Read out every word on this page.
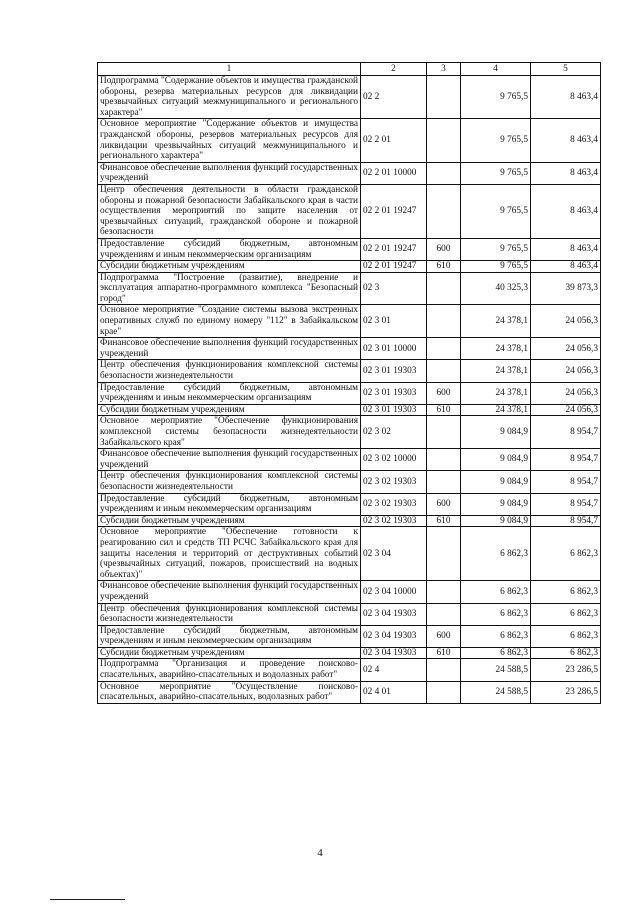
1	2	3	4	5
Подпрограмма "Содержание объектов и имущества гражданской обороны, резерва материальных ресурсов для ликвидации чрезвычайных ситуаций межмуниципального и регионального характера"	02 2		9 765,5	8 463,4
Основное мероприятие "Содержание объектов и имущества гражданской обороны, резервов материальных ресурсов для ликвидации чрезвычайных ситуаций межмуниципального и регионального характера"	02 2 01		9 765,5	8 463,4
Финансовое обеспечение выполнения функций государственных учреждений	02 2 01 10000		9 765,5	8 463,4
Центр обеспечения деятельности в области гражданской обороны и пожарной безопасности Забайкальского края в части осуществления мероприятий по защите населения от чрезвычайных ситуаций, гражданской обороне и пожарной безопасности	02 2 01 19247		9 765,5	8 463,4
Предоставление субсидий бюджетным, автономным учреждениям и иным некоммерческим организациям	02 2 01 19247	600	9 765,5	8 463,4
Субсидии бюджетным учреждениям	02 2 01 19247	610	9 765,5	8 463,4
Подпрограмма "Построение (развитие), внедрение и эксплуатация аппаратно-программного комплекса "Безопасный город"	02 3		40 325,3	39 873,3
Основное мероприятие "Создание системы вызова экстренных оперативных служб по единому номеру "112" в Забайкальском крае"	02 3 01		24 378,1	24 056,3
Финансовое обеспечение выполнения функций государственных учреждений	02 3 01 10000		24 378,1	24 056,3
Центр обеспечения функционирования комплексной системы безопасности жизнедеятельности	02 3 01 19303		24 378,1	24 056,3
Предоставление субсидий бюджетным, автономным учреждениям и иным некоммерческим организациям	02 3 01 19303	600	24 378,1	24 056,3
Субсидии бюджетным учреждениям	02 3 01 19303	610	24 378,1	24 056,3
Основное мероприятие "Обеспечение функционирования комплексной системы безопасности жизнедеятельности Забайкальского края"	02 3 02		9 084,9	8 954,7
Финансовое обеспечение выполнения функций государственных учреждений	02 3 02 10000		9 084,9	8 954,7
Центр обеспечения функционирования комплексной системы безопасности жизнедеятельности	02 3 02 19303		9 084,9	8 954,7
Предоставление субсидий бюджетным, автономным учреждениям и иным некоммерческим организациям	02 3 02 19303	600	9 084,9	8 954,7
Субсидии бюджетным учреждениям	02 3 02 19303	610	9 084,9	8 954,7
Основное мероприятие "Обеспечение готовности к реагированию сил и средств ТП РСЧС Забайкальского края для защиты населения и территорий от деструктивных событий (чрезвычайных ситуаций, пожаров, происшествий на водных объектах)"	02 3 04		6 862,3	6 862,3
Финансовое обеспечение выполнения функций государственных учреждений	02 3 04 10000		6 862,3	6 862,3
Центр обеспечения функционирования комплексной системы безопасности жизнедеятельности	02 3 04 19303		6 862,3	6 862,3
Предоставление субсидий бюджетным, автономным учреждениям и иным некоммерческим организациям	02 3 04 19303	600	6 862,3	6 862,3
Субсидии бюджетным учреждениям	02 3 04 19303	610	6 862,3	6 862,3
Подпрограмма "Организация и проведение поисково-спасательных, аварийно-спасательных и водолазных работ"	02 4		24 588,5	23 286,5
Основное мероприятие "Осуществление поисково-спасательных, аварийно-спасательных, водолазных работ"	02 4 01		24 588,5	23 286,5
4
